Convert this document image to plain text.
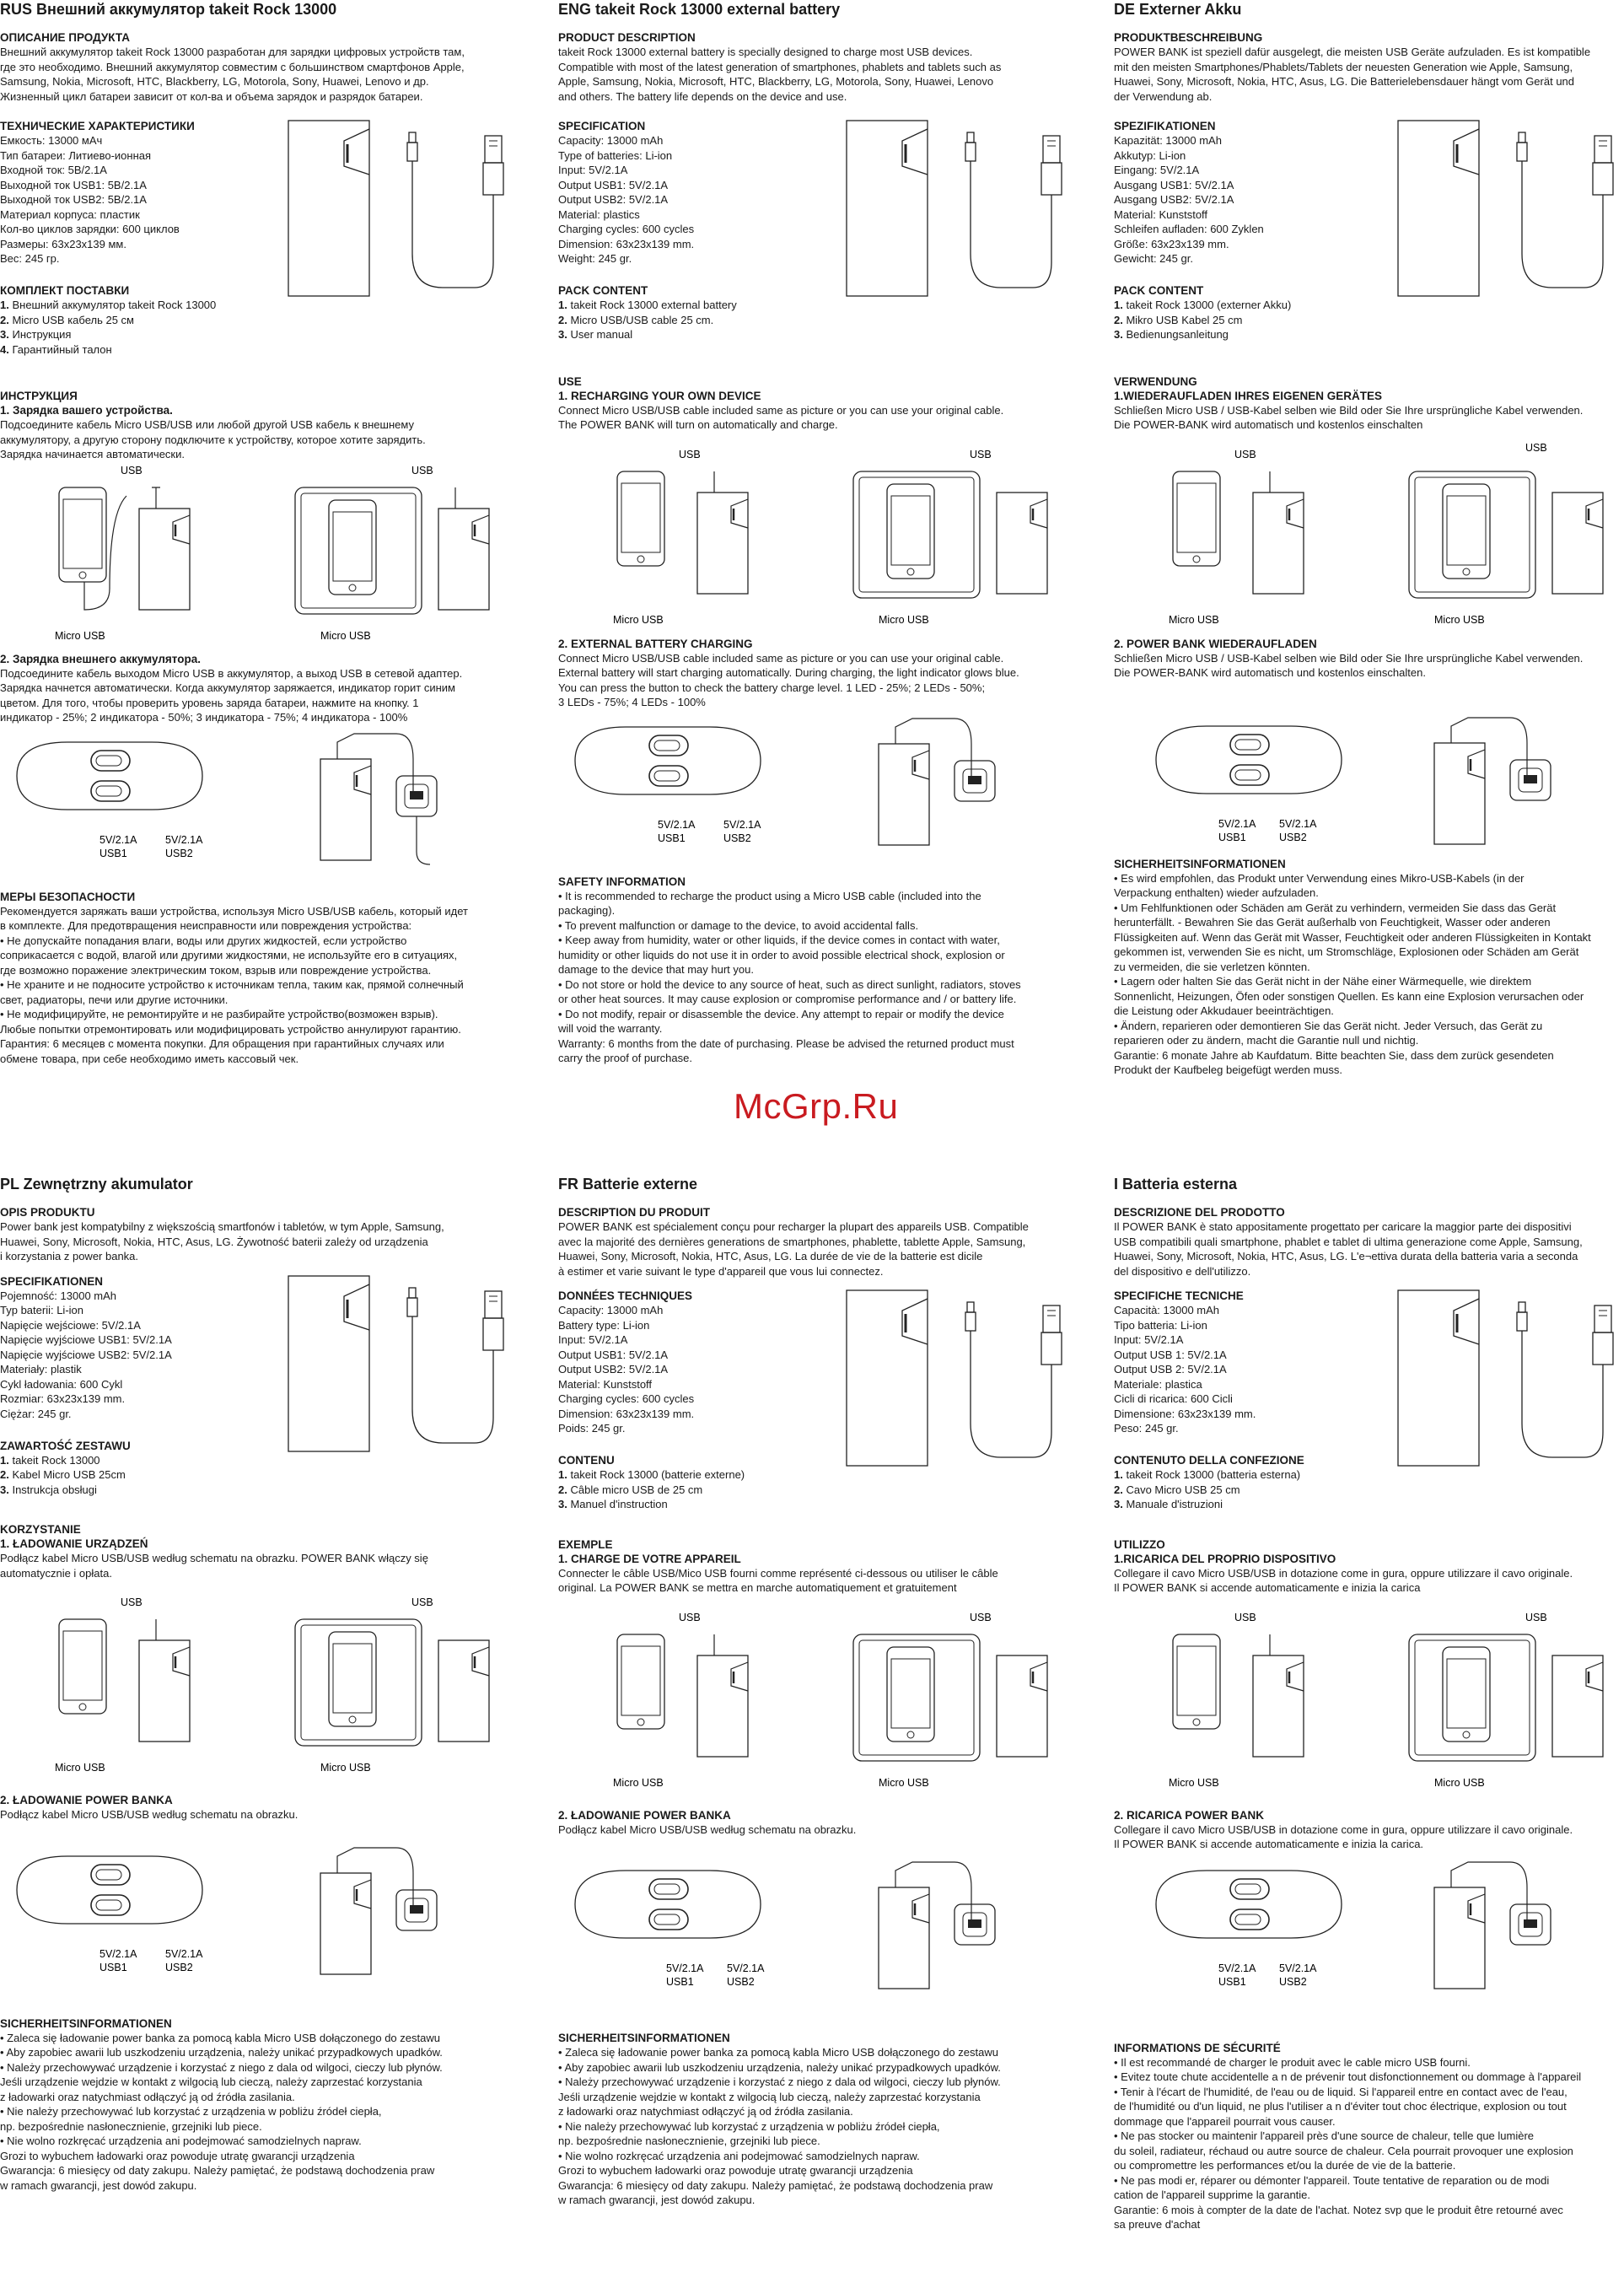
RUS Внешний аккумулятор takeit Rock 13000
ОПИСАНИЕ ПРОДУКТА
Внешний аккумулятор takeit Rock 13000 разработан для зарядки цифровых устройств там,
где это необходимо. Внешний аккумулятор совместим с большинством смартфонов Apple,
Samsung, Nokia, Microsoft, HTC, Blackberry, LG, Motorola, Sony, Huawei, Lenovo и др.
Жизненный цикл батареи зависит от кол-ва и объема зарядок и разрядок батареи.
ТЕХНИЧЕСКИЕ ХАРАКТЕРИСТИКИ
Емкость: 13000 мАч
Тип батареи: Литиево-ионная
Входной ток: 5В/2.1А
Выходной ток USB1: 5В/2.1А
Выходной ток USB2: 5В/2.1А
Материал корпуса: пластик
Кол-во циклов зарядки: 600 циклов
Размеры: 63х23х139 мм.
Вес: 245 гр.
КОМПЛЕКТ ПОСТАВКИ
1. Внешний аккумулятор takeit Rock 13000
2. Micro USB кабель 25 см
3. Инструкция
4. Гарантийный талон
ИНСТРУКЦИЯ
1. Зарядка вашего устройства.
Подсоедините кабель Micro USB/USB или любой другой USB кабель к внешнему
аккумулятору, а другую сторону подключите к устройству, которое хотите зарядить.
Зарядка начинается автоматически.
USB
Micro USB
USB
Micro USB
2. Зарядка внешнего аккумулятора.
Подсоедините кабель выходом Micro USB в аккумулятор, а выход USB в сетевой адаптер.
Зарядка начнется автоматически. Когда аккумулятор заряжается, индикатор горит синим
цветом. Для того, чтобы проверить уровень заряда батареи, нажмите на кнопку. 1
индикатор - 25%; 2 индикатора - 50%; 3 индикатора - 75%; 4 индикатора - 100%
5V/2.1A	5V/2.1A
USB1	USB2
МЕРЫ БЕЗОПАСНОСТИ
Рекомендуется заряжать ваши устройства, используя Micro USB/USB кабель, который идет
в комплекте. Для предотвращения неисправности или повреждения устройства:
• Не допускайте попадания влаги, воды или других жидкостей, если устройство
соприкасается с водой, влагой или другими жидкостями, не используйте его в ситуациях,
где возможно поражение электрическим током, взрыв или повреждение устройства.
• Не храните и не подносите устройство к источникам тепла, таким как, прямой солнечный
свет, радиаторы, печи или другие источники.
• Не модифицируйте, не ремонтируйте и не разбирайте устройство(возможен взрыв).
Любые попытки отремонтировать или модифицировать устройство аннулируют гарантию.
Гарантия: 6 месяцев с момента покупки. Для обращения при гарантийных случаях или
обмене товара, при себе необходимо иметь кассовый чек.
ENG takeit Rock 13000 external battery
PRODUCT DESCRIPTION
takeit Rock 13000 external battery is specially designed to charge most USB devices.
Compatible with most of the latest generation of smartphones, phablets and tablets such as
Apple, Samsung, Nokia, Microsoft, HTC, Blackberry, LG, Motorola, Sony, Huawei, Lenovo
and others. The battery life depends on the device and use.
SPECIFICATION
Capacity: 13000 mAh
Type of batteries: Li-ion
Input: 5V/2.1A
Output USB1: 5V/2.1A
Output USB2: 5V/2.1A
Material: plastics
Charging cycles: 600 cycles
Dimension: 63x23x139 mm.
Weight: 245 gr.
PACK CONTENT
1. takeit Rock 13000 external battery
2. Micro USB/USB cable 25 cm.
3. User manual
USE
1. RECHARGING YOUR OWN DEVICE
Connect Micro USB/USB cable included same as picture or you can use your original cable.
The POWER BANK will turn on automatically and charge.
USB
Micro USB
USB
Micro USB
2. EXTERNAL BATTERY CHARGING
Connect Micro USB/USB cable included same as picture or you can use your original cable.
External battery will start charging automatically. During charging, the light indicator glows blue.
You can press the button to check the battery charge level. 1 LED - 25%; 2 LEDs - 50%;
3 LEDs - 75%; 4 LEDs - 100%
5V/2.1A	5V/2.1A
USB1	USB2
SAFETY INFORMATION
• It is recommended to recharge the product using a Micro USB cable (included into the
packaging).
• To prevent malfunction or damage to the device, to avoid accidental falls.
• Keep away from humidity, water or other liquids, if the device comes in contact with water,
humidity or other liquids do not use it in order to avoid possible electrical shock, explosion or
damage to the device that may hurt you.
• Do not store or hold the device to any source of heat, such as direct sunlight, radiators, stoves
or other heat sources. It may cause explosion or compromise performance and / or battery life.
• Do not modify, repair or disassemble the device. Any attempt to repair or modify the device
will void the warranty.
Warranty: 6 months from the date of purchasing. Please be advised the returned product must
carry the proof of purchase.
DE Externer Akku
PRODUKTBESCHREIBUNG
POWER BANK ist speziell dafür ausgelegt, die meisten USB Geräte aufzuladen. Es ist kompatible
mit den meisten Smartphones/Phablets/Tablets der neuesten Generation wie Apple, Samsung,
Huawei, Sony, Microsoft, Nokia, HTC, Asus, LG. Die Batterielebensdauer hängt vom Gerät und
der Verwendung ab.
SPEZIFIKATIONEN
Kapazität: 13000 mAh
Akkutyp: Li-ion
Eingang: 5V/2.1A
Ausgang USB1: 5V/2.1A
Ausgang USB2: 5V/2.1A
Material: Kunststoff
Schleifen aufladen: 600 Zyklen
Größe: 63x23x139 mm.
Gewicht: 245 gr.
PACK CONTENT
1. takeit Rock 13000 (externer Akku)
2. Mikro USB Kabel 25 cm
3. Bedienungsanleitung
VERWENDUNG
1.WIEDERAUFLADEN IHRES EIGENEN GERÄTES
Schließen Micro USB / USB-Kabel selben wie Bild oder Sie Ihre ursprüngliche Kabel verwenden.
Die POWER-BANK wird automatisch und kostenlos einschalten
USB
Micro USB
USB
Micro USB
2. POWER BANK WIEDERAUFLADEN
Schließen Micro USB / USB-Kabel selben wie Bild oder Sie Ihre ursprüngliche Kabel verwenden.
Die POWER-BANK wird automatisch und kostenlos einschalten.
5V/2.1A 5V/2.1A
USB1	USB2
SICHERHEITSINFORMATIONEN
• Es wird empfohlen, das Produkt unter Verwendung eines Mikro-USB-Kabels (in der
Verpackung enthalten) wieder aufzuladen.
• Um Fehlfunktionen oder Schäden am Gerät zu verhindern, vermeiden Sie dass das Gerät
herunterfällt. - Bewahren Sie das Gerät außerhalb von Feuchtigkeit, Wasser oder anderen
Flüssigkeiten auf. Wenn das Gerät mit Wasser, Feuchtigkeit oder anderen Flüssigkeiten in Kontakt
gekommen ist, verwenden Sie es nicht, um Stromschläge, Explosionen oder Schäden am Gerät
zu vermeiden, die sie verletzen könnten.
• Lagern oder halten Sie das Gerät nicht in der Nähe einer Wärmequelle, wie direktem
Sonnenlicht, Heizungen, Öfen oder sonstigen Quellen. Es kann eine Explosion verursachen oder
die Leistung oder Akkudauer beeinträchtigen.
• Ändern, reparieren oder demontieren Sie das Gerät nicht. Jeder Versuch, das Gerät zu
reparieren oder zu ändern, macht die Garantie null und nichtig.
Garantie: 6 monate Jahre ab Kaufdatum. Bitte beachten Sie, dass dem zurück gesendeten
Produkt der Kaufbeleg beigefügt werden muss.
McGrp.Ru
PL Zewnętrzny akumulator
OPIS PRODUKTU
Power bank jest kompatybilny z większością smartfonów i tabletów, w tym Apple, Samsung,
Huawei, Sony, Microsoft, Nokia, HTC, Asus, LG. Żywotność baterii zależy od urządzenia
i korzystania z power banka.
SPECIFIKATIONEN
Pojemność: 13000 mAh
Typ baterii: Li-ion
Napięcie wejściowe: 5V/2.1A
Napięcie wyjściowe USB1: 5V/2.1A
Napięcie wyjściowe USB2: 5V/2.1A
Materiały: plastik
Cykl ładowania: 600 Cykl
Rozmiar: 63x23x139 mm.
Ciężar: 245 gr.
ZAWARTOŚĆ ZESTAWU
1. takeit Rock 13000
2. Kabel Micro USB 25cm
3. Instrukcja obsługi
KORZYSTANIE
1. ŁADOWANIE URZĄDZEŃ
Podłącz kabel Micro USB/USB według schematu na obrazku. POWER BANK włączy się
automatycznie i opłata.
USB
Micro USB
USB
Micro USB
2. ŁADOWANIE POWER BANKA
Podłącz kabel Micro USB/USB według schematu na obrazku.
5V/2.1A	5V/2.1A
USB1	USB2
SICHERHEITSINFORMATIONEN
• Zaleca się ładowanie power banka za pomocą kabla Micro USB dołączonego do zestawu
• Aby zapobiec awarii lub uszkodzeniu urządzenia, należy unikać przypadkowych upadków.
• Należy przechowywać urządzenie i korzystać z niego z dala od wilgoci, cieczy lub płynów.
Jeśli urządzenie wejdzie w kontakt z wilgocią lub cieczą, należy zaprzestać korzystania
z ładowarki oraz natychmiast odłączyć ją od źródła zasilania.
• Nie należy przechowywać lub korzystać z urządzenia w pobliżu źródeł ciepła,
np. bezpośrednie nasłonecznienie, grzejniki lub piece.
• Nie wolno rozkręcać urządzenia ani podejmować samodzielnych napraw.
Grozi to wybuchem ładowarki oraz powoduje utratę gwarancji urządzenia
Gwarancja: 6 miesięcy od daty zakupu. Należy pamiętać, że podstawą dochodzenia praw
w ramach gwarancji, jest dowód zakupu.
FR Batterie externe
DESCRIPTION DU PRODUIT
POWER BANK est spécialement conçu pour recharger la plupart des appareils USB. Compatible
avec la majorité des dernières generations de smartphones, phablette, tablette Apple, Samsung,
Huawei, Sony, Microsoft, Nokia, HTC, Asus, LG. La durée de vie de la batterie est dicile
à estimer et varie suivant le type d'appareil que vous lui connectez.
DONNÉES TECHNIQUES
Capacity: 13000 mAh
Battery type: Li-ion
Input: 5V/2.1A
Output USB1: 5V/2.1A
Output USB2: 5V/2.1A
Material: Kunststoff
Charging cycles: 600 cycles
Dimension: 63x23x139 mm.
Poids: 245 gr.
CONTENU
1. takeit Rock 13000 (batterie externe)
2. Câble micro USB de 25 cm
3. Manuel d'instruction
EXEMPLE
1. CHARGE DE VOTRE APPAREIL
Connecter le câble USB/Mico USB fourni comme représenté ci-dessous ou utiliser le câble
original. La POWER BANK se mettra en marche automatiquement et gratuitement
USB
Micro USB
USB
Micro USB
2. ŁADOWANIE POWER BANKA
Podłącz kabel Micro USB/USB według schematu na obrazku.
5V/2.1A 5V/2.1A
USB1	USB2
SICHERHEITSINFORMATIONEN
• Zaleca się ładowanie power banka za pomocą kabla Micro USB dołączonego do zestawu
• Aby zapobiec awarii lub uszkodzeniu urządzenia, należy unikać przypadkowych upadków.
• Należy przechowywać urządzenie i korzystać z niego z dala od wilgoci, cieczy lub płynów.
Jeśli urządzenie wejdzie w kontakt z wilgocią lub cieczą, należy zaprzestać korzystania
z ładowarki oraz natychmiast odłączyć ją od źródła zasilania.
• Nie należy przechowywać lub korzystać z urządzenia w pobliżu źródeł ciepła,
np. bezpośrednie nasłonecznienie, grzejniki lub piece.
• Nie wolno rozkręcać urządzenia ani podejmować samodzielnych napraw.
Grozi to wybuchem ładowarki oraz powoduje utratę gwarancji urządzenia
Gwarancja: 6 miesięcy od daty zakupu. Należy pamiętać, że podstawą dochodzenia praw
w ramach gwarancji, jest dowód zakupu.
I Batteria esterna
DESCRIZIONE DEL PRODOTTO
Il POWER BANK è stato appositamente progettato per caricare la maggior parte dei dispositivi
USB compatibili quali smartphone, phablet e tablet di ultima generazione come Apple, Samsung,
Huawei, Sony, Microsoft, Nokia, HTC, Asus, LG. L'e¬ettiva durata della batteria varia a seconda
del dispositivo e dell'utilizzo.
SPECIFICHE TECNICHE
Capacità: 13000 mAh
Tipo batteria: Li-ion
Input: 5V/2.1A
Output USB 1: 5V/2.1A
Output USB 2: 5V/2.1A
Materiale: plastica
Cicli di ricarica: 600 Cicli
Dimensione: 63x23x139 mm.
Peso: 245 gr.
CONTENUTO DELLA CONFEZIONE
1. takeit Rock 13000 (batteria esterna)
2. Cavo Micro USB 25 cm
3. Manuale d'istruzioni
UTILIZZO
1.RICARICA DEL PROPRIO DISPOSITIVO
Collegare il cavo Micro USB/USB in dotazione come in gura, oppure utilizzare il cavo originale.
Il POWER BANK si accende automaticamente e inizia la carica
USB
Micro USB
USB
Micro USB
2. RICARICA POWER BANK
Collegare il cavo Micro USB/USB in dotazione come in gura, oppure utilizzare il cavo originale.
Il POWER BANK si accende automaticamente e inizia la carica.
5V/2.1A 5V/2.1A
USB1	USB2
INFORMATIONS DE SÉCURITÉ
• Il est recommandé de charger le produit avec le cable micro USB fourni.
• Evitez toute chute accidentelle a n de prévenir tout disfonctionnement ou dommage à l'appareil
• Tenir à l'écart de l'humidité, de l'eau ou de liquid. Si l'appareil entre en contact avec de l'eau,
de l'humidité ou d'un liquid, ne plus l'utiliser a n d'éviter tout choc électrique, explosion ou tout
dommage que l'appareil pourrait vous causer.
• Ne pas stocker ou maintenir l'appareil près d'une source de chaleur, telle que lumière
du soleil, radiateur, réchaud ou autre source de chaleur. Cela pourrait provoquer une explosion
ou compromettre les performances et/ou la durée de vie de la batterie.
• Ne pas modi er, réparer ou démonter l'appareil. Toute tentative de reparation ou de modi
cation de l'appareil supprime la garantie.
Garantie: 6 mois à compter de la date de l'achat. Notez svp que le produit être retourné avec
sa preuve d'achat
